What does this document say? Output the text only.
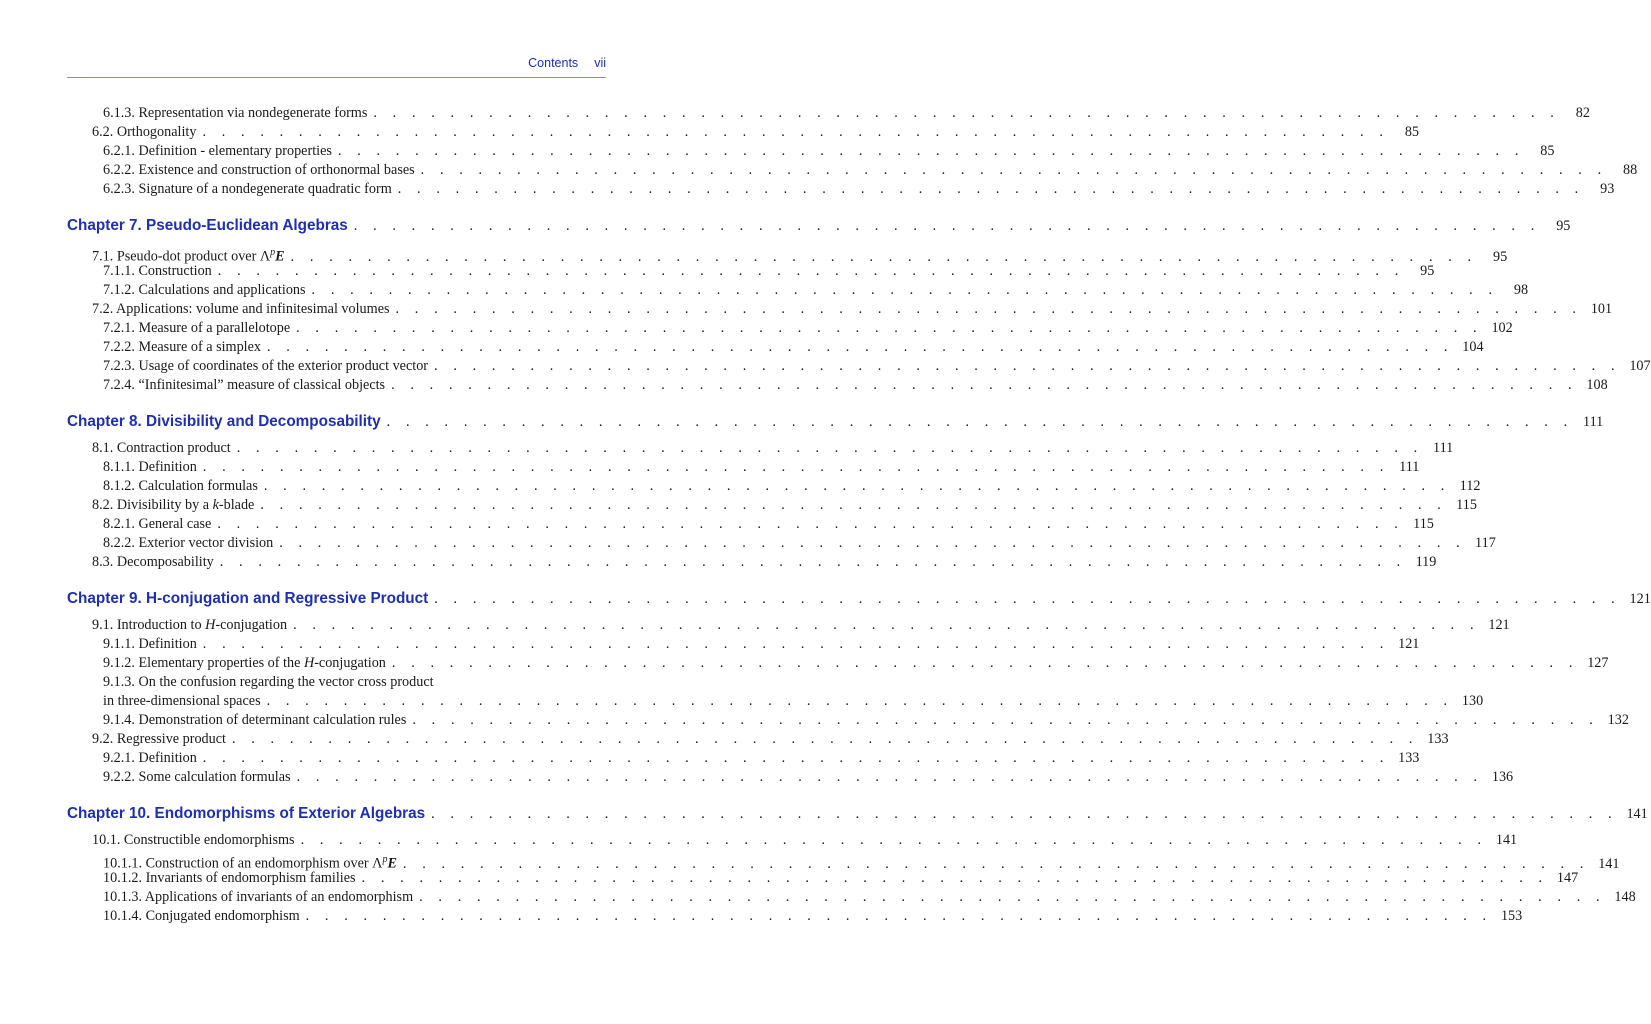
Contents vii
6.1.3. Representation via nondegenerate forms . . . . . . . . . . . . . . . . . . . . . . . . . . . . . . . . . . . . . . . . . . . . . . . . . . . . . . . . . . . . . .	82
6.2. Orthogonality . . . . . . . . . . . . . . . . . . . . . . . . . . . . . . . . . . . . . . . . . . . . . . . . . . . . . . . . . . . . . .	85
6.2.1. Definition - elementary properties . . . . . . . . . . . . . . . . . . . . . . . . . . . . . . . . . . . . . . . . . . . . . . . . . . . . . . . . . . . . . .	85
6.2.2. Existence and construction of orthonormal bases . . . . . . . . . . . . . . . . . . . . . . . . . . . . . . . . . . . . . . . . . . . . . . . . . . . . . . . . . . . . . .	88
6.2.3. Signature of a nondegenerate quadratic form . . . . . . . . . . . . . . . . . . . . . . . . . . . . . . . . . . . . . . . . . . . . . . . . . . . . . . . . . . . . . .	93
Chapter 7. Pseudo-Euclidean Algebras . . . . . . . . . . . . . . . . . . . . . . . . . . . . . . . . . . . . . . . . . . . . . . . . . . . . . . . . . . . . . .	95
7.1. Pseudo-dot product over $\Lambda^pE$ . . . . . . . . . . . . . . . . . . . . . . . . . . . . . . . . . . . . . . . . . . . . . . . . . . . . . . . . . . . . . .	95
7.1.1. Construction . . . . . . . . . . . . . . . . . . . . . . . . . . . . . . . . . . . . . . . . . . . . . . . . . . . . . . . . . . . . . .	95
7.1.2. Calculations and applications . . . . . . . . . . . . . . . . . . . . . . . . . . . . . . . . . . . . . . . . . . . . . . . . . . . . . . . . . . . . . .	98
7.2. Applications: volume and infinitesimal volumes . . . . . . . . . . . . . . . . . . . . . . . . . . . . . . . . . . . . . . . . . . . . . . . . . . . . . . . . . . . . . . 101
7.2.1. Measure of a parallelotope . . . . . . . . . . . . . . . . . . . . . . . . . . . . . . . . . . . . . . . . . . . . . . . . . . . . . . . . . . . . . . 102
7.2.2. Measure of a simplex . . . . . . . . . . . . . . . . . . . . . . . . . . . . . . . . . . . . . . . . . . . . . . . . . . . . . . . . . . . . . . 104
7.2.3. Usage of coordinates of the exterior product vector . . . . . . . . . . . . . . . . . . . . . . . . . . . . . . . . . . . . . . . . . . . . . . . . . . . . . . . . . . . . . . 107
7.2.4. “Infinitesimal” measure of classical objects . . . . . . . . . . . . . . . . . . . . . . . . . . . . . . . . . . . . . . . . . . . . . . . . . . . . . . . . . . . . . . 108
Chapter 8. Divisibility and Decomposability . . . . . . . . . . . . . . . . . . . . . . . . . . . . . . . . . . . . . . . . . . . . . . . . . . . . . . . . . . . . . . 111
8.1. Contraction product . . . . . . . . . . . . . . . . . . . . . . . . . . . . . . . . . . . . . . . . . . . . . . . . . . . . . . . . . . . . . . 111
8.1.1. Definition . . . . . . . . . . . . . . . . . . . . . . . . . . . . . . . . . . . . . . . . . . . . . . . . . . . . . . . . . . . . . . 111
8.1.2. Calculation formulas . . . . . . . . . . . . . . . . . . . . . . . . . . . . . . . . . . . . . . . . . . . . . . . . . . . . . . . . . . . . . . 112
8.2. Divisibility by a k-blade . . . . . . . . . . . . . . . . . . . . . . . . . . . . . . . . . . . . . . . . . . . . . . . . . . . . . . . . . . . . . . 115
8.2.1. General case . . . . . . . . . . . . . . . . . . . . . . . . . . . . . . . . . . . . . . . . . . . . . . . . . . . . . . . . . . . . . . 115
8.2.2. Exterior vector division . . . . . . . . . . . . . . . . . . . . . . . . . . . . . . . . . . . . . . . . . . . . . . . . . . . . . . . . . . . . . . 117
8.3. Decomposability . . . . . . . . . . . . . . . . . . . . . . . . . . . . . . . . . . . . . . . . . . . . . . . . . . . . . . . . . . . . . . 119
Chapter 9. H-conjugation and Regressive Product . . . . . . . . . . . . . . . . . . . . . . . . . . . . . . . . . . . . . . . . . . . . . . . . . . . . . . . . . . . . . . 121
9.1. Introduction to H-conjugation . . . . . . . . . . . . . . . . . . . . . . . . . . . . . . . . . . . . . . . . . . . . . . . . . . . . . . . . . . . . . . 121
9.1.1. Definition . . . . . . . . . . . . . . . . . . . . . . . . . . . . . . . . . . . . . . . . . . . . . . . . . . . . . . . . . . . . . . 121
9.1.2. Elementary properties of the H-conjugation . . . . . . . . . . . . . . . . . . . . . . . . . . . . . . . . . . . . . . . . . . . . . . . . . . . . . . . . . . . . . . 127
9.1.3. On the confusion regarding the vector cross product
in three-dimensional spaces . . . . . . . . . . . . . . . . . . . . . . . . . . . . . . . . . . . . . . . . . . . . . . . . . . . . . . . . . . . . . . 130
9.1.4. Demonstration of determinant calculation rules . . . . . . . . . . . . . . . . . . . . . . . . . . . . . . . . . . . . . . . . . . . . . . . . . . . . . . . . . . . . . . 132
9.2. Regressive product . . . . . . . . . . . . . . . . . . . . . . . . . . . . . . . . . . . . . . . . . . . . . . . . . . . . . . . . . . . . . . 133
9.2.1. Definition . . . . . . . . . . . . . . . . . . . . . . . . . . . . . . . . . . . . . . . . . . . . . . . . . . . . . . . . . . . . . . 133
9.2.2. Some calculation formulas . . . . . . . . . . . . . . . . . . . . . . . . . . . . . . . . . . . . . . . . . . . . . . . . . . . . . . . . . . . . . . 136
Chapter 10. Endomorphisms of Exterior Algebras . . . . . . . . . . . . . . . . . . . . . . . . . . . . . . . . . . . . . . . . . . . . . . . . . . . . . . . . . . . . . . 141
10.1. Constructible endomorphisms . . . . . . . . . . . . . . . . . . . . . . . . . . . . . . . . . . . . . . . . . . . . . . . . . . . . . . . . . . . . . . 141
10.1.1. Construction of an endomorphism over $\Lambda^pE$ . . . . . . . . . . . . . . . . . . . . . . . . . . . . . . . . . . . . . . . . . . . . . . . . . . . . . . . . . . . . . . 141
10.1.2. Invariants of endomorphism families . . . . . . . . . . . . . . . . . . . . . . . . . . . . . . . . . . . . . . . . . . . . . . . . . . . . . . . . . . . . . . 147
10.1.3. Applications of invariants of an endomorphism . . . . . . . . . . . . . . . . . . . . . . . . . . . . . . . . . . . . . . . . . . . . . . . . . . . . . . . . . . . . . . 148
10.1.4. Conjugated endomorphism . . . . . . . . . . . . . . . . . . . . . . . . . . . . . . . . . . . . . . . . . . . . . . . . . . . . . . . . . . . . . . 153
